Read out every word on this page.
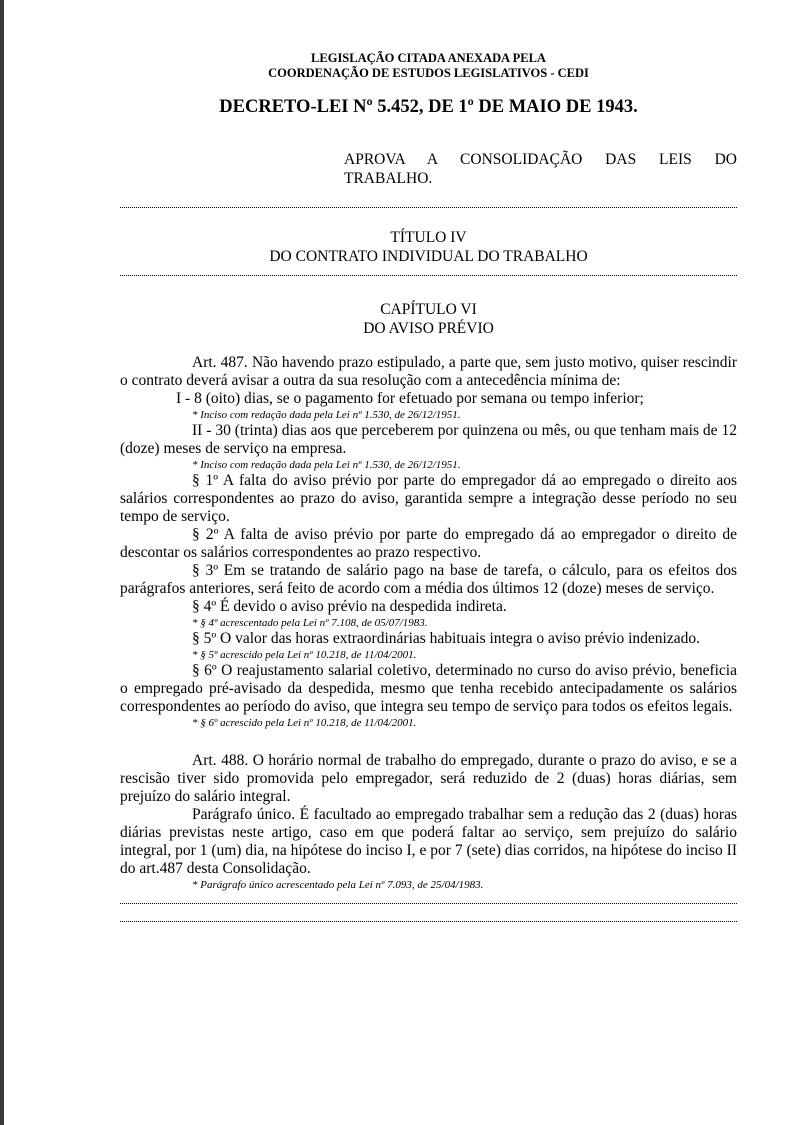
LEGISLAÇÃO CITADA ANEXADA PELA
COORDENAÇÃO DE ESTUDOS LEGISLATIVOS - CEDI
DECRETO-LEI Nº 5.452, DE 1º DE MAIO DE 1943.
APROVA A CONSOLIDAÇÃO DAS LEIS DO
TRABALHO.
TÍTULO IV
DO CONTRATO INDIVIDUAL DO TRABALHO
CAPÍTULO VI
DO AVISO PRÉVIO
Art. 487. Não havendo prazo estipulado, a parte que, sem justo motivo, quiser rescindir o contrato deverá avisar a outra da sua resolução com a antecedência mínima de:
I - 8 (oito) dias, se o pagamento for efetuado por semana ou tempo inferior;
* Inciso com redação dada pela Lei nº 1.530, de 26/12/1951.
II - 30 (trinta) dias aos que perceberem por quinzena ou mês, ou que tenham mais de 12 (doze) meses de serviço na empresa.
* Inciso com redação dada pela Lei nº 1.530, de 26/12/1951.
§ 1º A falta do aviso prévio por parte do empregador dá ao empregado o direito aos salários correspondentes ao prazo do aviso, garantida sempre a integração desse período no seu tempo de serviço.
§ 2º A falta de aviso prévio por parte do empregado dá ao empregador o direito de descontar os salários correspondentes ao prazo respectivo.
§ 3º Em se tratando de salário pago na base de tarefa, o cálculo, para os efeitos dos parágrafos anteriores, será feito de acordo com a média dos últimos 12 (doze) meses de serviço.
§ 4º É devido o aviso prévio na despedida indireta.
* § 4º acrescentado pela Lei nº 7.108, de 05/07/1983.
§ 5º O valor das horas extraordinárias habituais integra o aviso prévio indenizado.
* § 5º acrescido pela Lei nº 10.218, de 11/04/2001.
§ 6º O reajustamento salarial coletivo, determinado no curso do aviso prévio, beneficia o empregado pré-avisado da despedida, mesmo que tenha recebido antecipadamente os salários correspondentes ao período do aviso, que integra seu tempo de serviço para todos os efeitos legais.
* § 6º acrescido pela Lei nº 10.218, de 11/04/2001.
Art. 488. O horário normal de trabalho do empregado, durante o prazo do aviso, e se a rescisão tiver sido promovida pelo empregador, será reduzido de 2 (duas) horas diárias, sem prejuízo do salário integral.
Parágrafo único. É facultado ao empregado trabalhar sem a redução das 2 (duas) horas diárias previstas neste artigo, caso em que poderá faltar ao serviço, sem prejuízo do salário integral, por 1 (um) dia, na hipótese do inciso I, e por 7 (sete) dias corridos, na hipótese do inciso II do art.487 desta Consolidação.
* Parágrafo único acrescentado pela Lei nº 7.093, de 25/04/1983.
